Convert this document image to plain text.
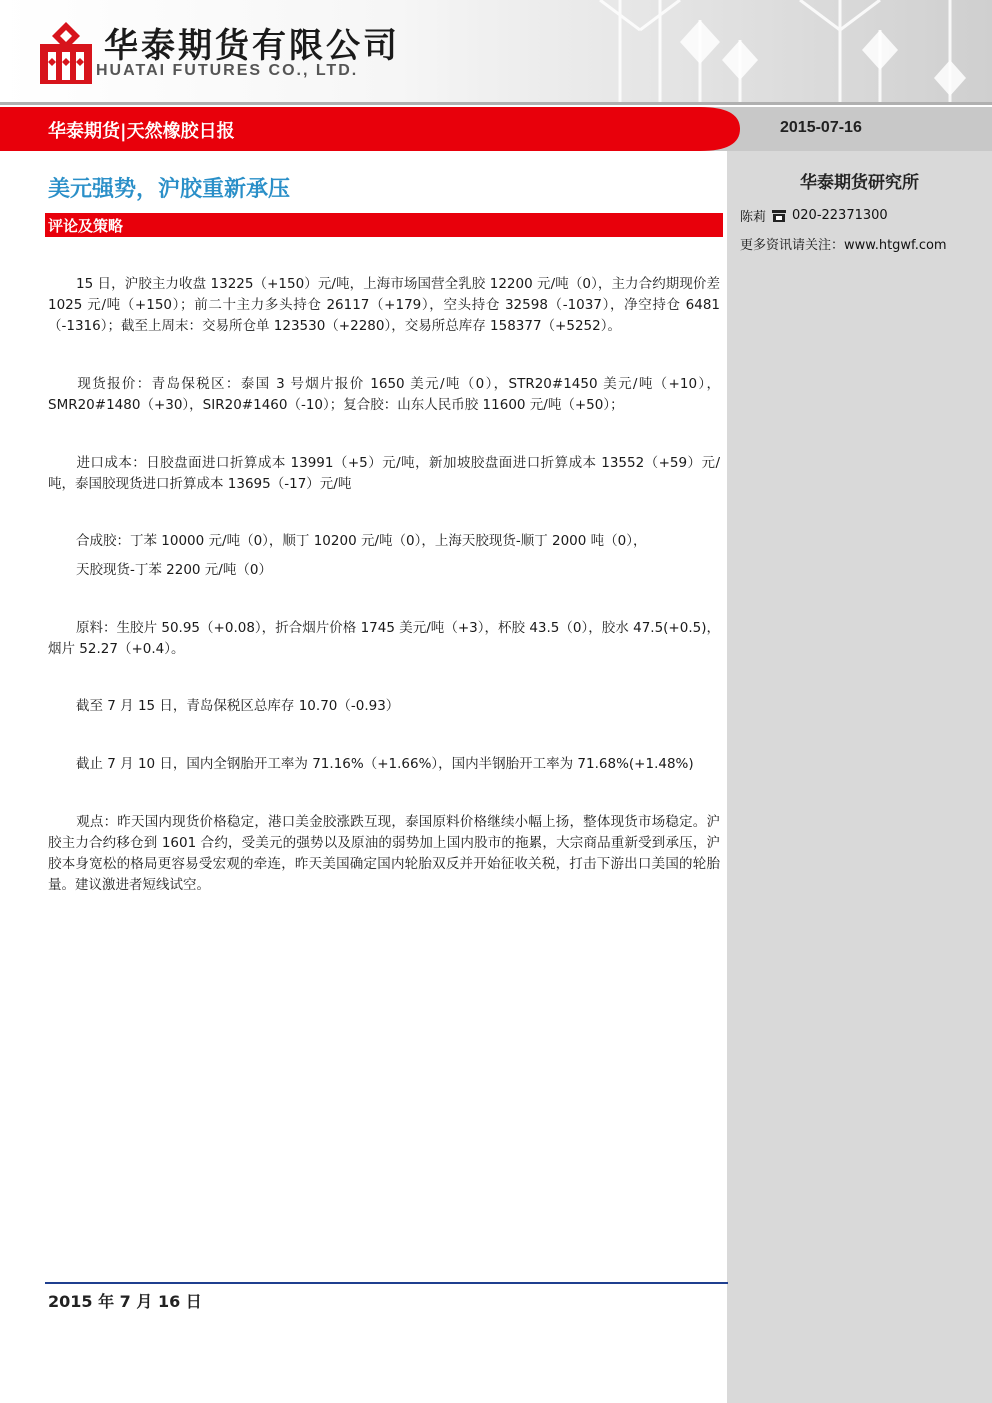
华泰期货有限公司
HUATAI FUTURES CO., LTD.
华泰期货|天然橡胶日报	2015-07-16
美元强势，沪胶重新承压
评论及策略
华泰期货研究所
陈莉 020-22371300
更多资讯请关注：www.htgwf.com
15 日，沪胶主力收盘 13225（+150）元/吨，上海市场国营全乳胶 12200 元/吨（0），主力合约期现价差 1025 元/吨（+150）；前二十主力多头持仓 26117（+179），空头持仓 32598（-1037），净空持仓 6481（-1316）；截至上周末：交易所仓单 123530（+2280），交易所总库存 158377（+5252）。
现货报价：青岛保税区：泰国 3 号烟片报价 1650 美元/吨（0），STR20#1450 美元/吨（+10），SMR20#1480（+30），SIR20#1460（-10）；复合胶：山东人民币胶 11600 元/吨（+50）；
进口成本：日胶盘面进口折算成本 13991（+5）元/吨，新加坡胶盘面进口折算成本 13552（+59）元/吨，泰国胶现货进口折算成本 13695（-17）元/吨
合成胶：丁苯 10000 元/吨（0），顺丁 10200 元/吨（0），上海天胶现货-顺丁 2000 吨（0），
天胶现货-丁苯 2200 元/吨（0）
原料：生胶片 50.95（+0.08），折合烟片价格 1745 美元/吨（+3），杯胶 43.5（0），胶水 47.5(+0.5)，烟片 52.27（+0.4）。
截至 7 月 15 日，青岛保税区总库存 10.70（-0.93）
截止 7 月 10 日，国内全钢胎开工率为 71.16%（+1.66%），国内半钢胎开工率为 71.68%(+1.48%)
观点：昨天国内现货价格稳定，港口美金胶涨跌互现，泰国原料价格继续小幅上扬，整体现货市场稳定。沪胶主力合约移仓到 1601 合约，受美元的强势以及原油的弱势加上国内股市的拖累，大宗商品重新受到承压，沪胶本身宽松的格局更容易受宏观的牵连，昨天美国确定国内轮胎双反并开始征收关税，打击下游出口美国的轮胎量。建议激进者短线试空。
2015 年 7 月 16 日
